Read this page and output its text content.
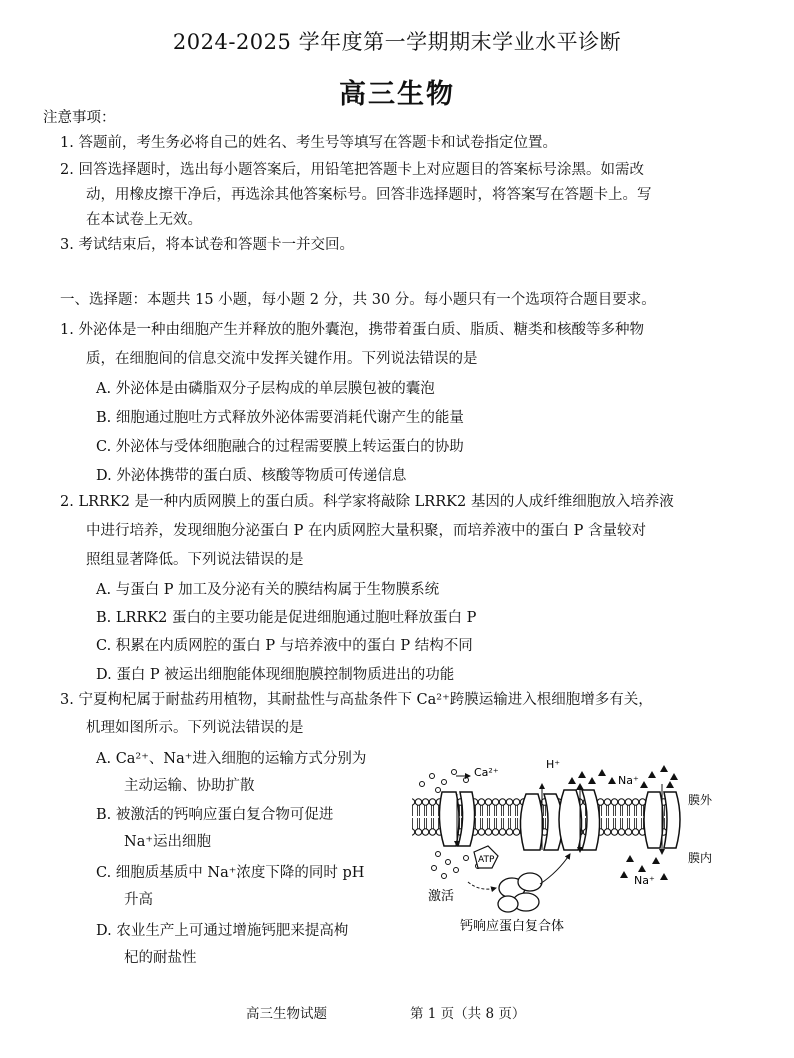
2024-2025 学年度第一学期期末学业水平诊断
高三生物
注意事项：
1. 答题前，考生务必将自己的姓名、考生号等填写在答题卡和试卷指定位置。
2. 回答选择题时，选出每小题答案后，用铅笔把答题卡上对应题目的答案标号涂黑。如需改
动，用橡皮擦干净后，再选涂其他答案标号。回答非选择题时，将答案写在答题卡上。写
在本试卷上无效。
3. 考试结束后，将本试卷和答题卡一并交回。
一、选择题：本题共 15 小题，每小题 2 分，共 30 分。每小题只有一个选项符合题目要求。
1. 外泌体是一种由细胞产生并释放的胞外囊泡，携带着蛋白质、脂质、糖类和核酸等多种物
质，在细胞间的信息交流中发挥关键作用。下列说法错误的是
A. 外泌体是由磷脂双分子层构成的单层膜包被的囊泡
B. 细胞通过胞吐方式释放外泌体需要消耗代谢产生的能量
C. 外泌体与受体细胞融合的过程需要膜上转运蛋白的协助
D. 外泌体携带的蛋白质、核酸等物质可传递信息
2. LRRK2 是一种内质网膜上的蛋白质。科学家将敲除 LRRK2 基因的人成纤维细胞放入培养液
中进行培养，发现细胞分泌蛋白 P 在内质网腔大量积聚，而培养液中的蛋白 P 含量较对
照组显著降低。下列说法错误的是
A. 与蛋白 P 加工及分泌有关的膜结构属于生物膜系统
B. LRRK2 蛋白的主要功能是促进细胞通过胞吐释放蛋白 P
C. 积累在内质网腔的蛋白 P 与培养液中的蛋白 P 结构不同
D. 蛋白 P 被运出细胞能体现细胞膜控制物质进出的功能
3. 宁夏枸杞属于耐盐药用植物，其耐盐性与高盐条件下 Ca²⁺跨膜运输进入根细胞增多有关，
机理如图所示。下列说法错误的是
A. Ca²⁺、Na⁺进入细胞的运输方式分别为
主动运输、协助扩散
B. 被激活的钙响应蛋白复合物可促进
Na⁺运出细胞
C. 细胞质基质中 Na⁺浓度下降的同时 pH
升高
D. 农业生产上可通过增施钙肥来提高枸
杞的耐盐性
Ca²⁺
H⁺
Na⁺
Na⁺
膜外
膜内
ATP
激活
钙响应蛋白复合体
高三生物试题	第 1 页（共 8 页）
